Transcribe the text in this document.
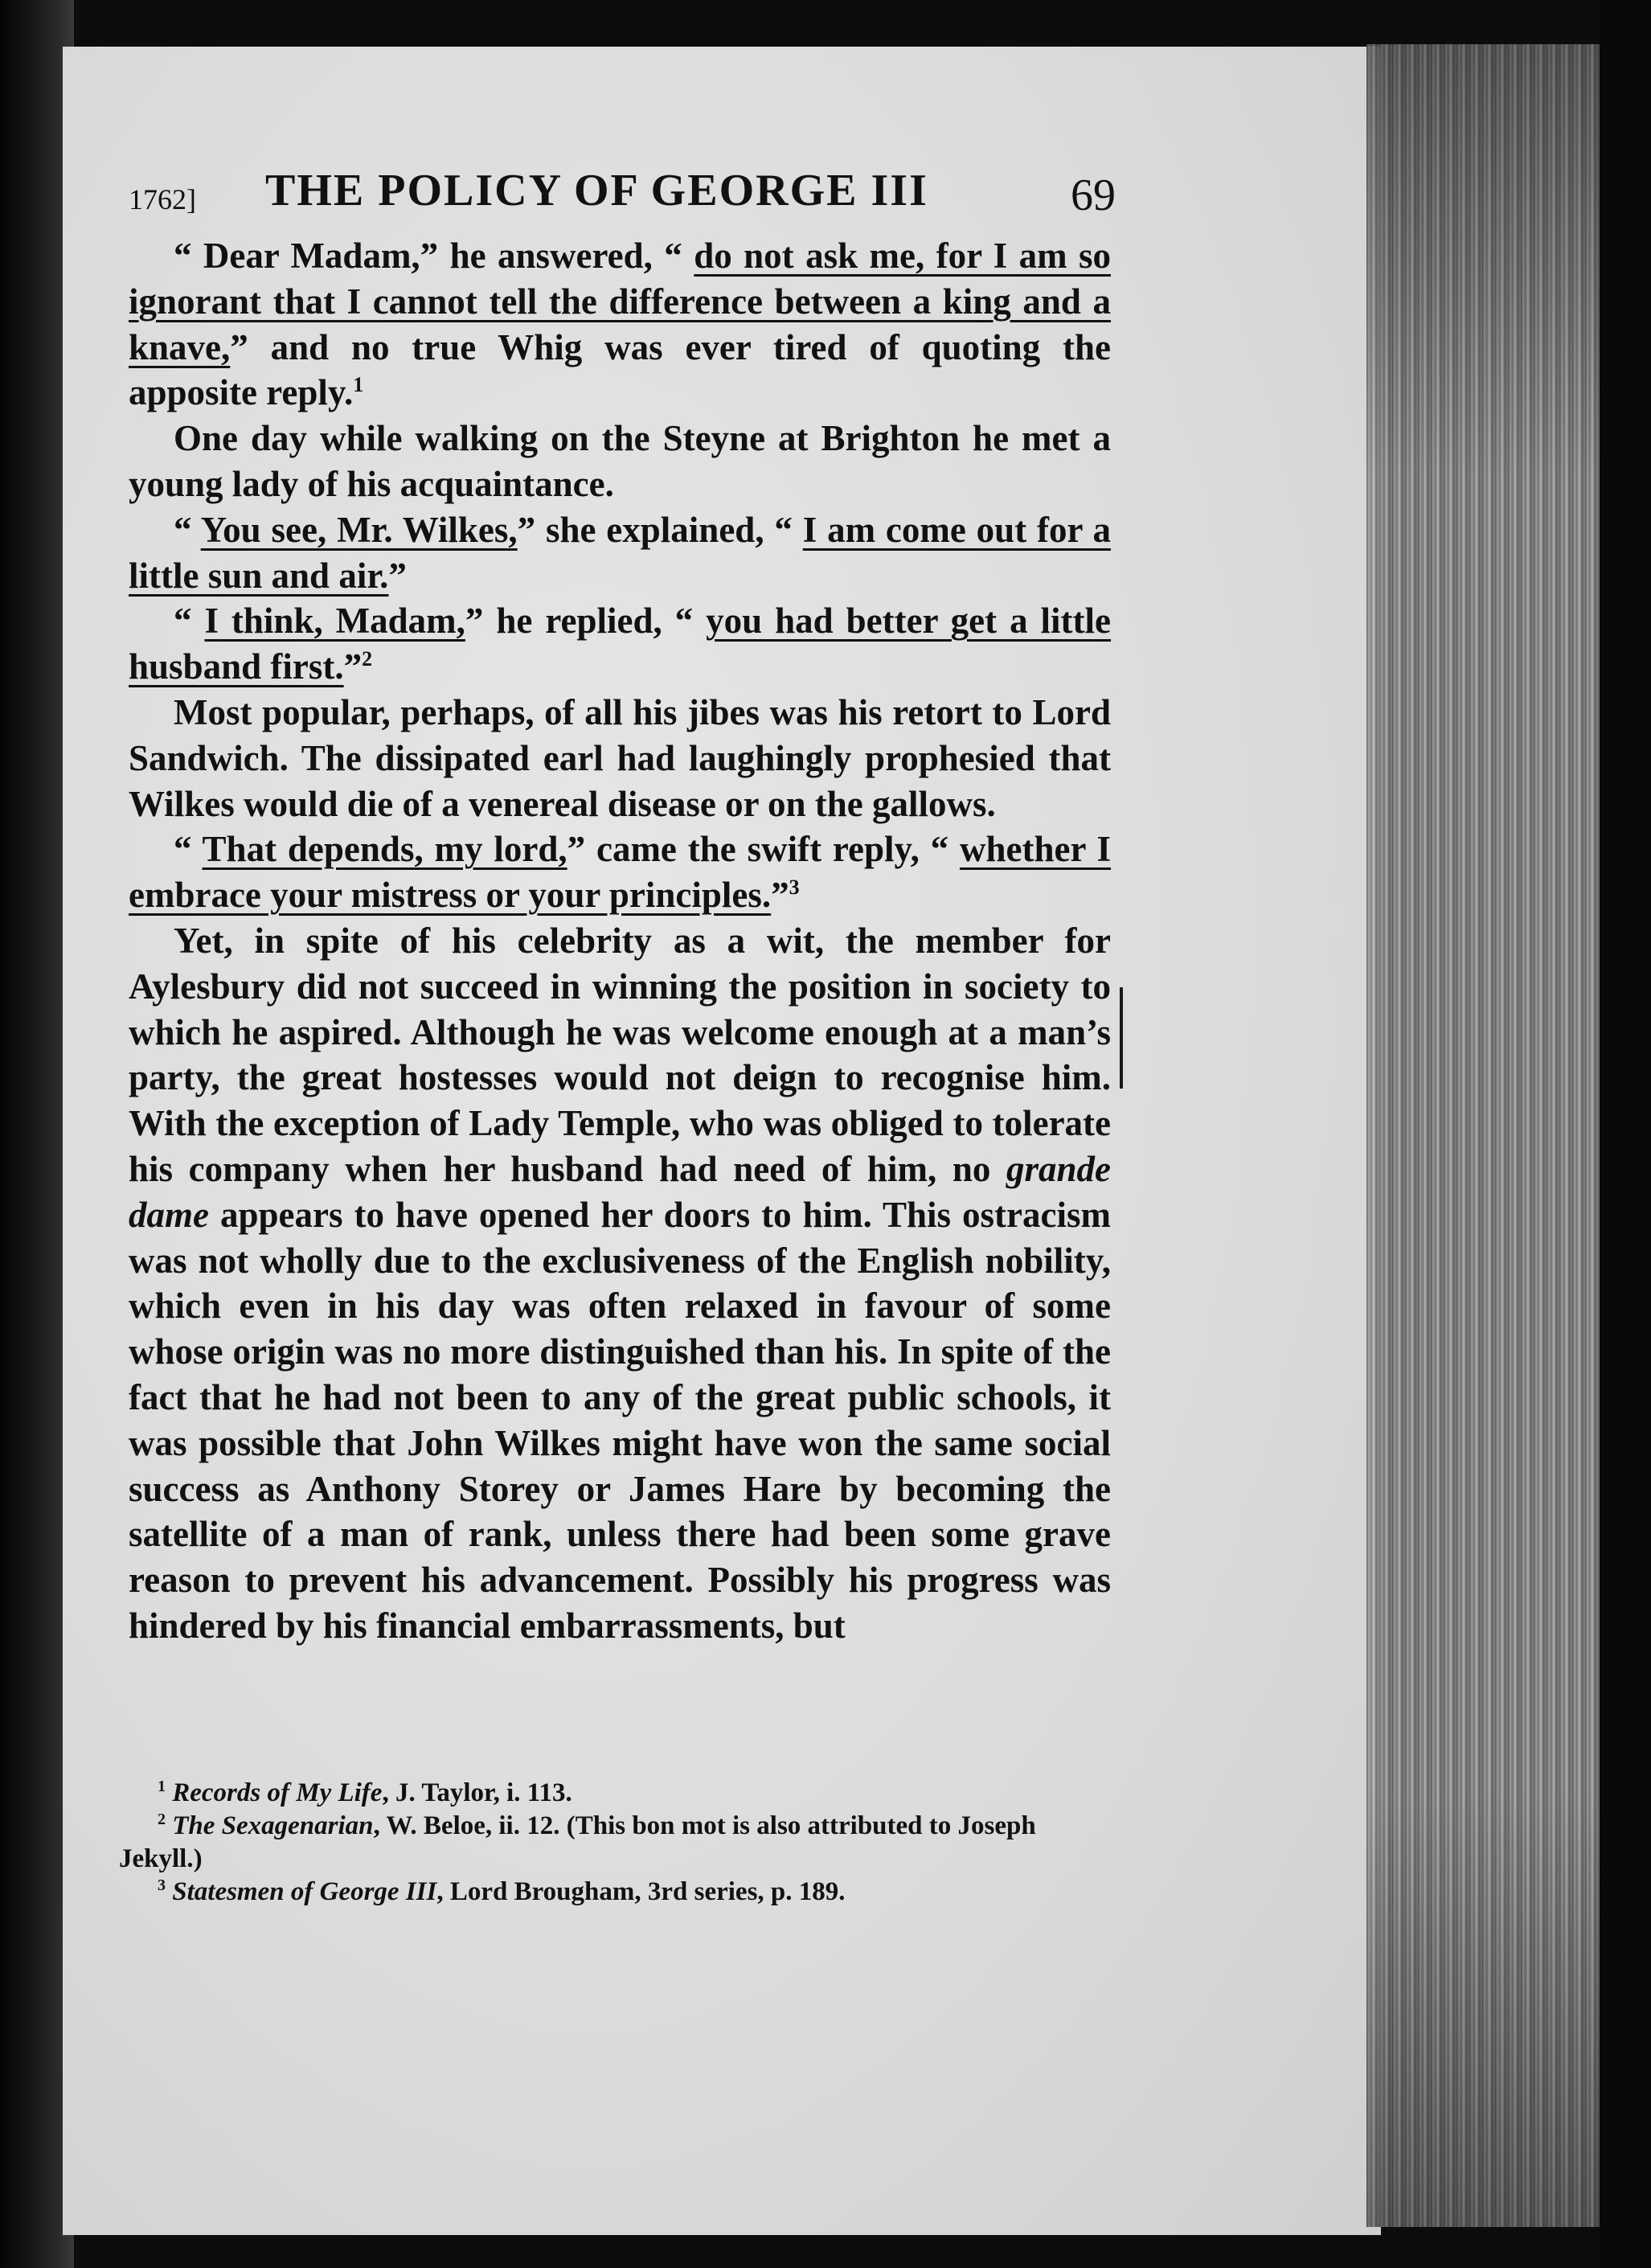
1762] THE POLICY OF GEORGE III	69

“ Dear Madam,” he answered, “ do not ask me, for I am so ignorant that I cannot tell the difference between a king and a knave,” and no true Whig was ever tired of quoting the apposite reply.$^1$

One day while walking on the Steyne at Brighton he met a young lady of his acquaintance.

“ You see, Mr. Wilkes,” she explained, “ I am come out for a little sun and air.”

“ I think, Madam,” he replied, “ you had better get a little husband first.”$^2$

Most popular, perhaps, of all his jibes was his retort to Lord Sandwich. The dissipated earl had laughingly prophesied that Wilkes would die of a venereal disease or on the gallows.

“ That depends, my lord,” came the swift reply, “ whether I embrace your mistress or your principles.”$^3$

Yet, in spite of his celebrity as a wit, the member for Aylesbury did not succeed in winning the position in society to which he aspired. Although he was welcome enough at a man’s party, the great hostesses would not deign to recognise him. With the exception of Lady Temple, who was obliged to tolerate his company when her husband had need of him, no grande dame appears to have opened her doors to him. This ostracism was not wholly due to the exclusiveness of the English nobility, which even in his day was often relaxed in favour of some whose origin was no more distinguished than his. In spite of the fact that he had not been to any of the great public schools, it was possible that John Wilkes might have won the same social success as Anthony Storey or James Hare by becoming the satellite of a man of rank, unless there had been some grave reason to prevent his advancement. Possibly his progress was hindered by his financial embarrassments, but

$^1$ Records of My Life, J. Taylor, i. 113.

$^2$ The Sexagenarian, W. Beloe, ii. 12. (This bon mot is also attributed to Joseph Jekyll.)

$^3$ Statesmen of George III, Lord Brougham, 3rd series, p. 189.
